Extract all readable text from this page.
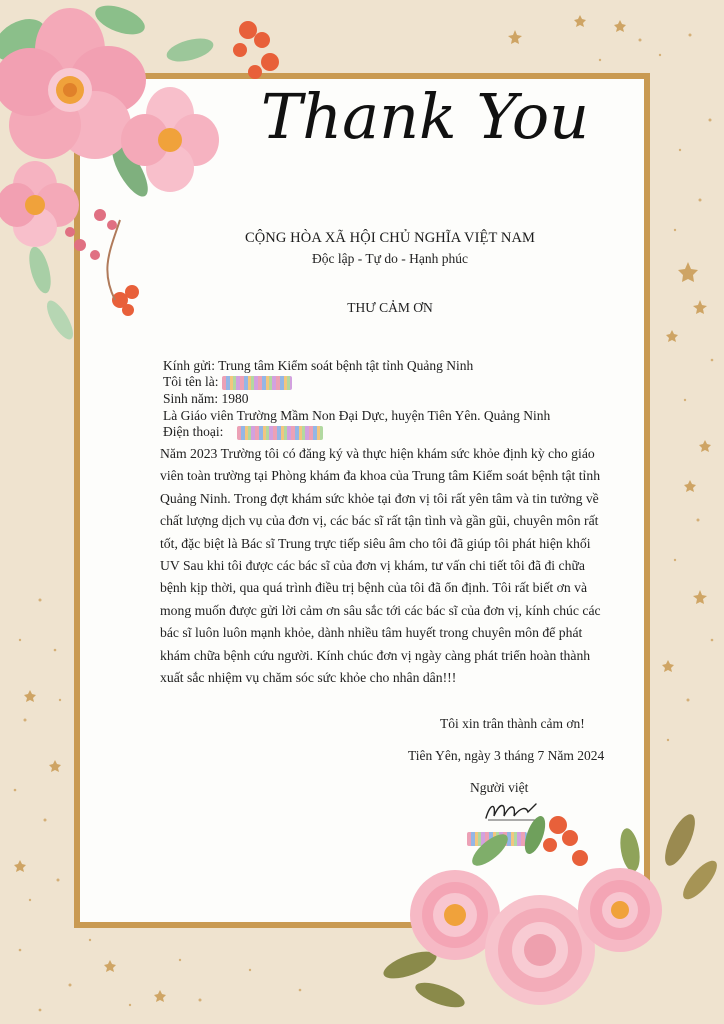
Thank You
CỘNG HÒA XÃ HỘI CHỦ NGHĨA VIỆT NAM
Độc lập - Tự do - Hạnh phúc
THƯ CẢM ƠN
Kính gửi: Trung tâm Kiểm soát bệnh tật tỉnh Quảng Ninh
Tôi tên là:
Sinh năm: 1980
Là Giáo viên Trường Mầm Non Đại Dực, huyện Tiên Yên. Quảng Ninh
Điện thoại:
Năm 2023 Trường tôi có đăng ký và thực hiện khám sức khỏe định kỳ cho giáo
viên toàn trường tại Phòng khám đa khoa của Trung tâm Kiểm soát bệnh tật tỉnh
Quảng Ninh. Trong đợt khám sức khỏe tại đơn vị tôi rất yên tâm và tin tưởng về
chất lượng dịch vụ của đơn vị, các bác sĩ rất tận tình và gần gũi, chuyên môn rất
tốt, đặc biệt là Bác sĩ Trung trực tiếp siêu âm cho tôi đã giúp tôi phát hiện khối
UV Sau khi tôi được các bác sĩ của đơn vị khám, tư vấn chi tiết tôi đã đi chữa
bệnh kịp thời, qua quá trình điều trị bệnh của tôi đã ổn định. Tôi rất biết ơn và
mong muốn được gửi lời cảm ơn sâu sắc tới các bác sĩ của đơn vị, kính chúc các
bác sĩ luôn luôn mạnh khỏe, dành nhiều tâm huyết trong chuyên môn để phát
khám chữa bệnh cứu người. Kính chúc đơn vị ngày càng phát triển hoàn thành
xuất sắc nhiệm vụ chăm sóc sức khỏe cho nhân dân!!!
Tôi xin trân thành cảm ơn!
Tiên Yên, ngày 3 tháng 7 Năm 2024
Người việt
